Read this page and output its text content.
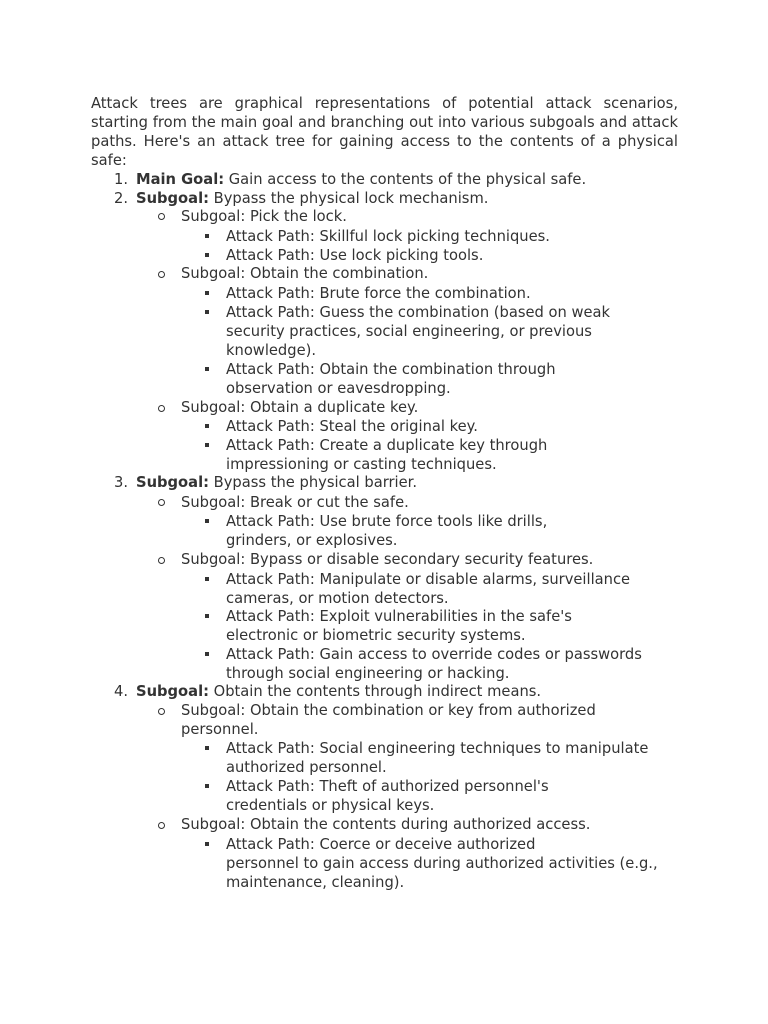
Attack trees are graphical representations of potential attack scenarios, starting from the main goal and branching out into various subgoals and attack paths. Here's an attack tree for gaining access to the contents of a physical safe:

1. Main Goal: Gain access to the contents of the physical safe.
2. Subgoal: Bypass the physical lock mechanism.
Subgoal: Pick the lock.
Attack Path: Skillful lock picking techniques.
Attack Path: Use lock picking tools.
Subgoal: Obtain the combination.
Attack Path: Brute force the combination.
Attack Path: Guess the combination (based on weak
security practices, social engineering, or previous
knowledge).
Attack Path: Obtain the combination through
observation or eavesdropping.
Subgoal: Obtain a duplicate key.
Attack Path: Steal the original key.
Attack Path: Create a duplicate key through
impressioning or casting techniques.
3. Subgoal: Bypass the physical barrier.
Subgoal: Break or cut the safe.
Attack Path: Use brute force tools like drills,
grinders, or explosives.
Subgoal: Bypass or disable secondary security features.
Attack Path: Manipulate or disable alarms, surveillance
cameras, or motion detectors.
Attack Path: Exploit vulnerabilities in the safe's
electronic or biometric security systems.
Attack Path: Gain access to override codes or passwords
through social engineering or hacking.
4. Subgoal: Obtain the contents through indirect means.
Subgoal: Obtain the combination or key from authorized
personnel.
Attack Path: Social engineering techniques to manipulate
authorized personnel.
Attack Path: Theft of authorized personnel's
credentials or physical keys.
Subgoal: Obtain the contents during authorized access.
Attack Path: Coerce or deceive authorized
personnel to gain access during authorized activities (e.g.,
maintenance, cleaning).
